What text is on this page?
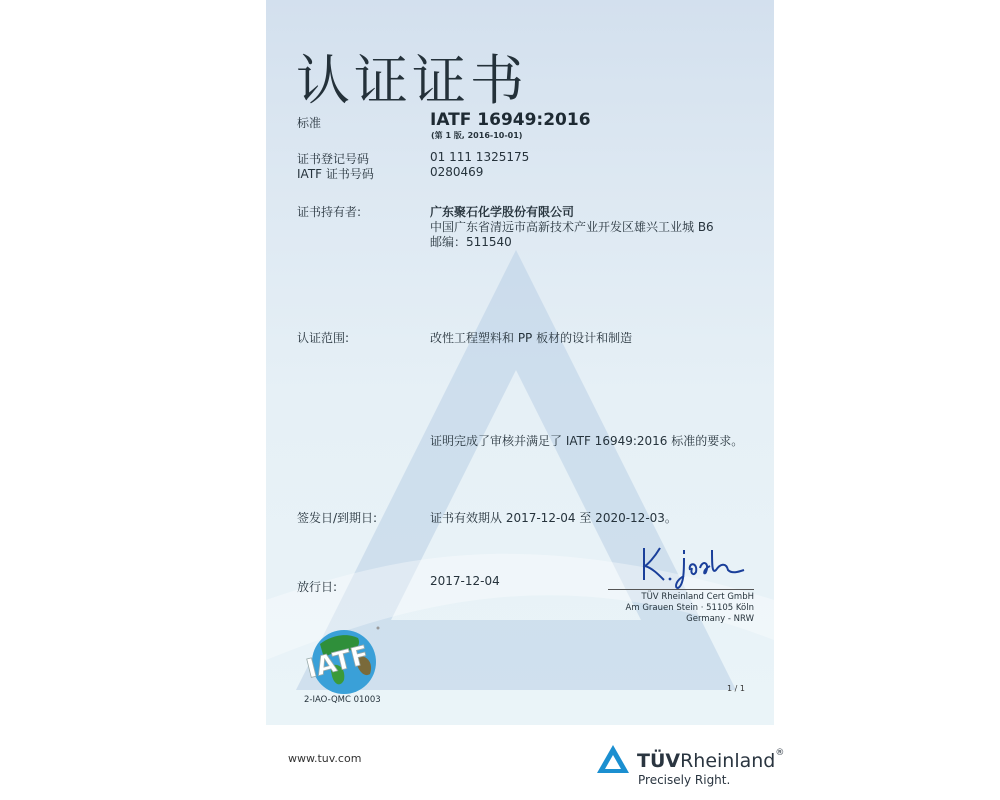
认证证书
标准	IATF 16949:2016
(第 1 版, 2016-10-01)
证书登记号码	01 111 1325175
IATF 证书号码	0280469
证书持有者:	广东聚石化学股份有限公司
中国广东省清远市高新技术产业开发区雄兴工业城 B6
邮编：511540
认证范围:	改性工程塑料和 PP 板材的设计和制造
证明完成了审核并满足了 IATF 16949:2016 标准的要求。
签发日/到期日:	证书有效期从 2017-12-04 至 2020-12-03。
放行日:	2017-12-04
TÜV Rheinland Cert GmbH
Am Grauen Stein · 51105 Köln
Germany - NRW
IATF
2-IAO-QMC 01003
1 / 1
www.tuv.com	TÜVRheinland®
Precisely Right.
